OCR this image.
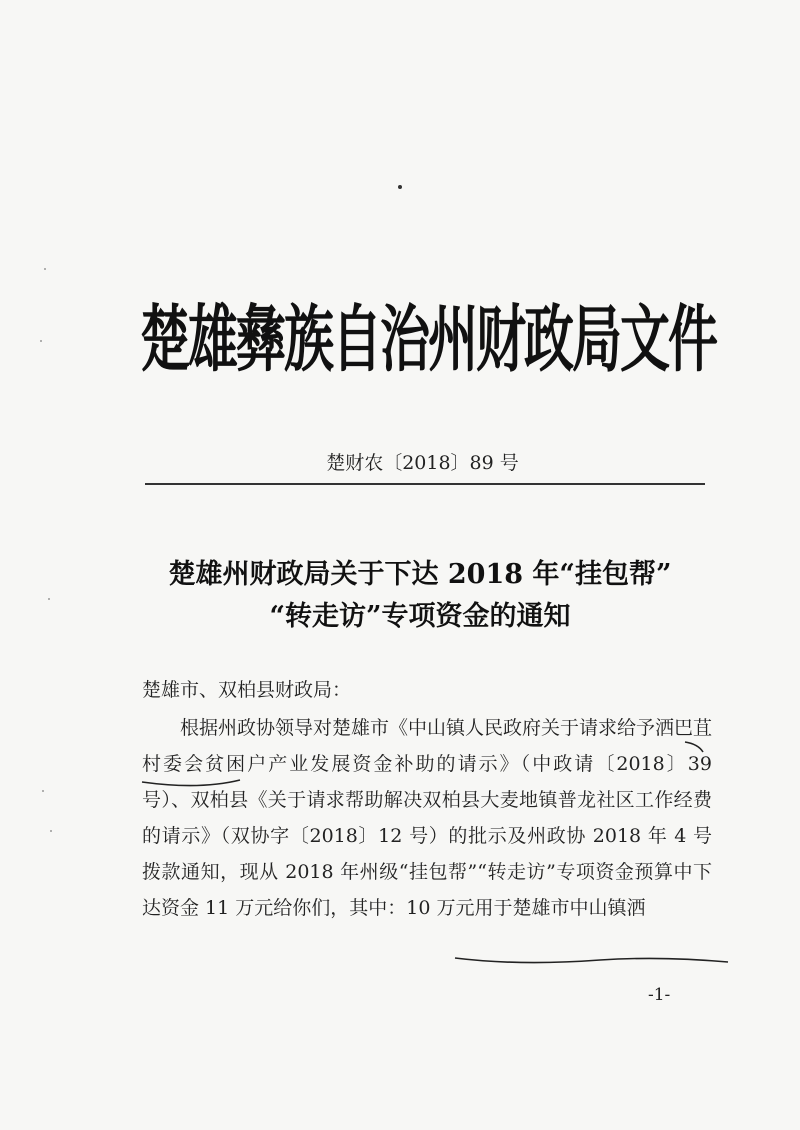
楚雄彝族自治州财政局文件
楚财农〔2018〕89 号
楚雄州财政局关于下达 2018 年“挂包帮”
“转走访”专项资金的通知
楚雄市、双柏县财政局：
根据州政协领导对楚雄市《中山镇人民政府关于请求给予洒巴苴村委会贫困户产业发展资金补助的请示》（中政请〔2018〕39 号）、双柏县《关于请求帮助解决双柏县大麦地镇普龙社区工作经费的请示》（双协字〔2018〕12 号）的批示及州政协 2018 年 4 号拨款通知，现从 2018 年州级“挂包帮”“转走访”专项资金预算中下达资金 11 万元给你们，其中：10 万元用于楚雄市中山镇洒
-1-
